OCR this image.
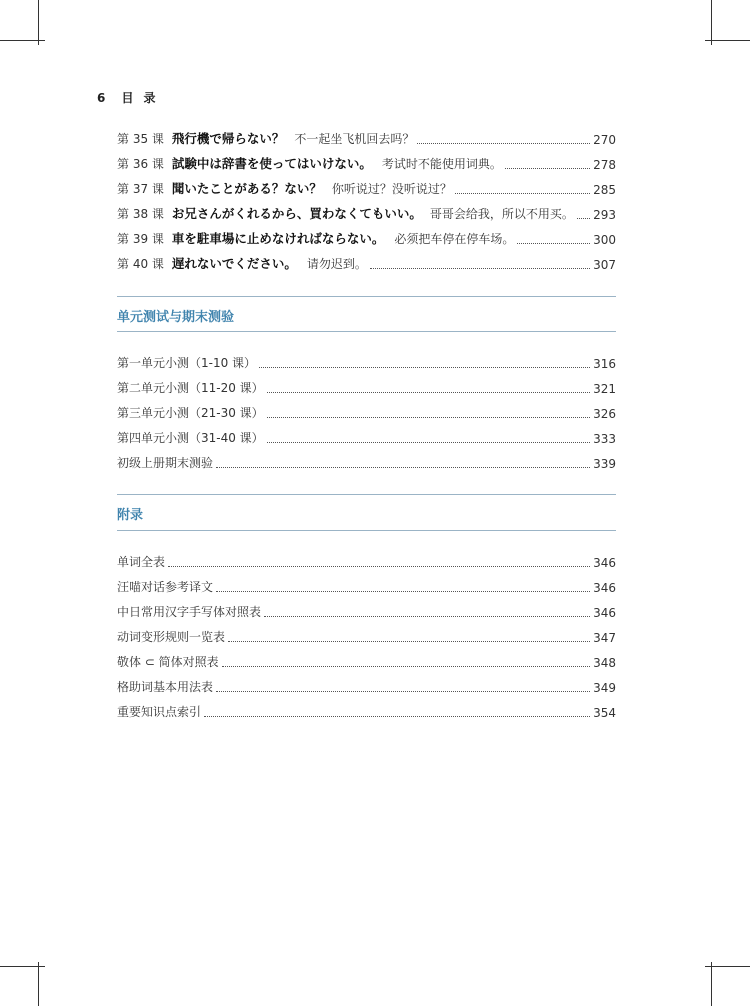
6 目录
第 35 课 飛行機で帰らない？ 不一起坐飞机回去吗？	270
第 36 课 試験中は辞書を使ってはいけない。 考试时不能使用词典。	278
第 37 课 聞いたことがある？ない？ 你听说过？没听说过？	285
第 38 课 お兄さんがくれるから、買わなくてもいい。 哥哥会给我，所以不用买。 293
第 39 课 車を駐車場に止めなければならない。 必须把车停在停车场。	300
第 40 课 遅れないでください。 请勿迟到。	307
单元测试与期末测验
第一单元小测（1-10 课）	316
第二单元小测（11-20 课）	321
第三单元小测（21-30 课）	326
第四单元小测（31-40 课）	333
初级上册期末测验	339
附录
单词全表	346
汪喵对话参考译文	346
中日常用汉字手写体对照表	346
动词变形规则一览表	347
敬体 ⊂ 简体对照表	348
格助词基本用法表	349
重要知识点索引	354
